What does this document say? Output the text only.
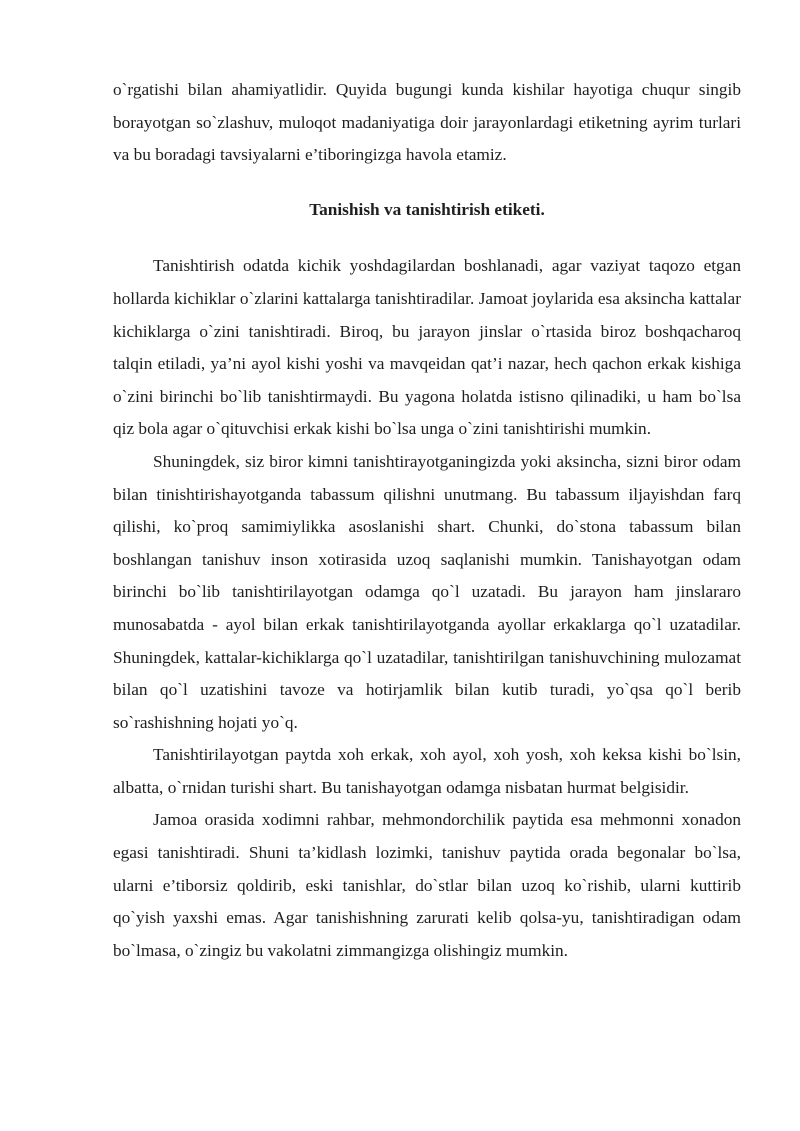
o`rgatishi bilan ahamiyatlidir. Quyida bugungi kunda kishilar hayotiga chuqur singib borayotgan so`zlashuv, muloqot madaniyatiga doir jarayonlardagi etiketning ayrim turlari va bu boradagi tavsiyalarni e’tiboringizga havola etamiz.

Tanishish va tanishtirish etiketi.

Tanishtirish odatda kichik yoshdagilardan boshlanadi, agar vaziyat taqozo etgan hollarda kichiklar o`zlarini kattalarga tanishtiradilar. Jamoat joylarida esa aksincha kattalar kichiklarga o`zini tanishtiradi. Biroq, bu jarayon jinslar o`rtasida biroz boshqacharoq talqin etiladi, ya’ni ayol kishi yoshi va mavqeidan qat’i nazar, hech qachon erkak kishiga o`zini birinchi bo`lib tanishtirmaydi. Bu yagona holatda istisno qilinadiki, u ham bo`lsa qiz bola agar o`qituvchisi erkak kishi bo`lsa unga o`zini tanishtirishi mumkin.

Shuningdek, siz biror kimni tanishtirayotganingizda yoki aksincha, sizni biror odam bilan tinishtirishayotganda tabassum qilishni unutmang. Bu tabassum iljayishdan farq qilishi, ko`proq samimiylikka asoslanishi shart. Chunki, do`stona tabassum bilan boshlangan tanishuv inson xotirasida uzoq saqlanishi mumkin. Tanishayotgan odam birinchi bo`lib tanishtirilayotgan odamga qo`l uzatadi. Bu jarayon ham jinslararo munosabatda - ayol bilan erkak tanishtirilayotganda ayollar erkaklarga qo`l uzatadilar. Shuningdek, kattalar-kichiklarga qo`l uzatadilar, tanishtirilgan tanishuvchining mulozamat bilan qo`l uzatishini tavoze va hotirjamlik bilan kutib turadi, yo`qsa qo`l berib so`rashishning hojati yo`q.

Tanishtirilayotgan paytda xoh erkak, xoh ayol, xoh yosh, xoh keksa kishi bo`lsin, albatta, o`rnidan turishi shart. Bu tanishayotgan odamga nisbatan hurmat belgisidir.

Jamoa orasida xodimni rahbar, mehmondorchilik paytida esa mehmonni xonadon egasi tanishtiradi. Shuni ta’kidlash lozimki, tanishuv paytida orada begonalar bo`lsa, ularni e’tiborsiz qoldirib, eski tanishlar, do`stlar bilan uzoq ko`rishib, ularni kuttirib qo`yish yaxshi emas. Agar tanishishning zarurati kelib qolsa-yu, tanishtiradigan odam bo`lmasa, o`zingiz bu vakolatni zimmangizga olishingiz mumkin.
